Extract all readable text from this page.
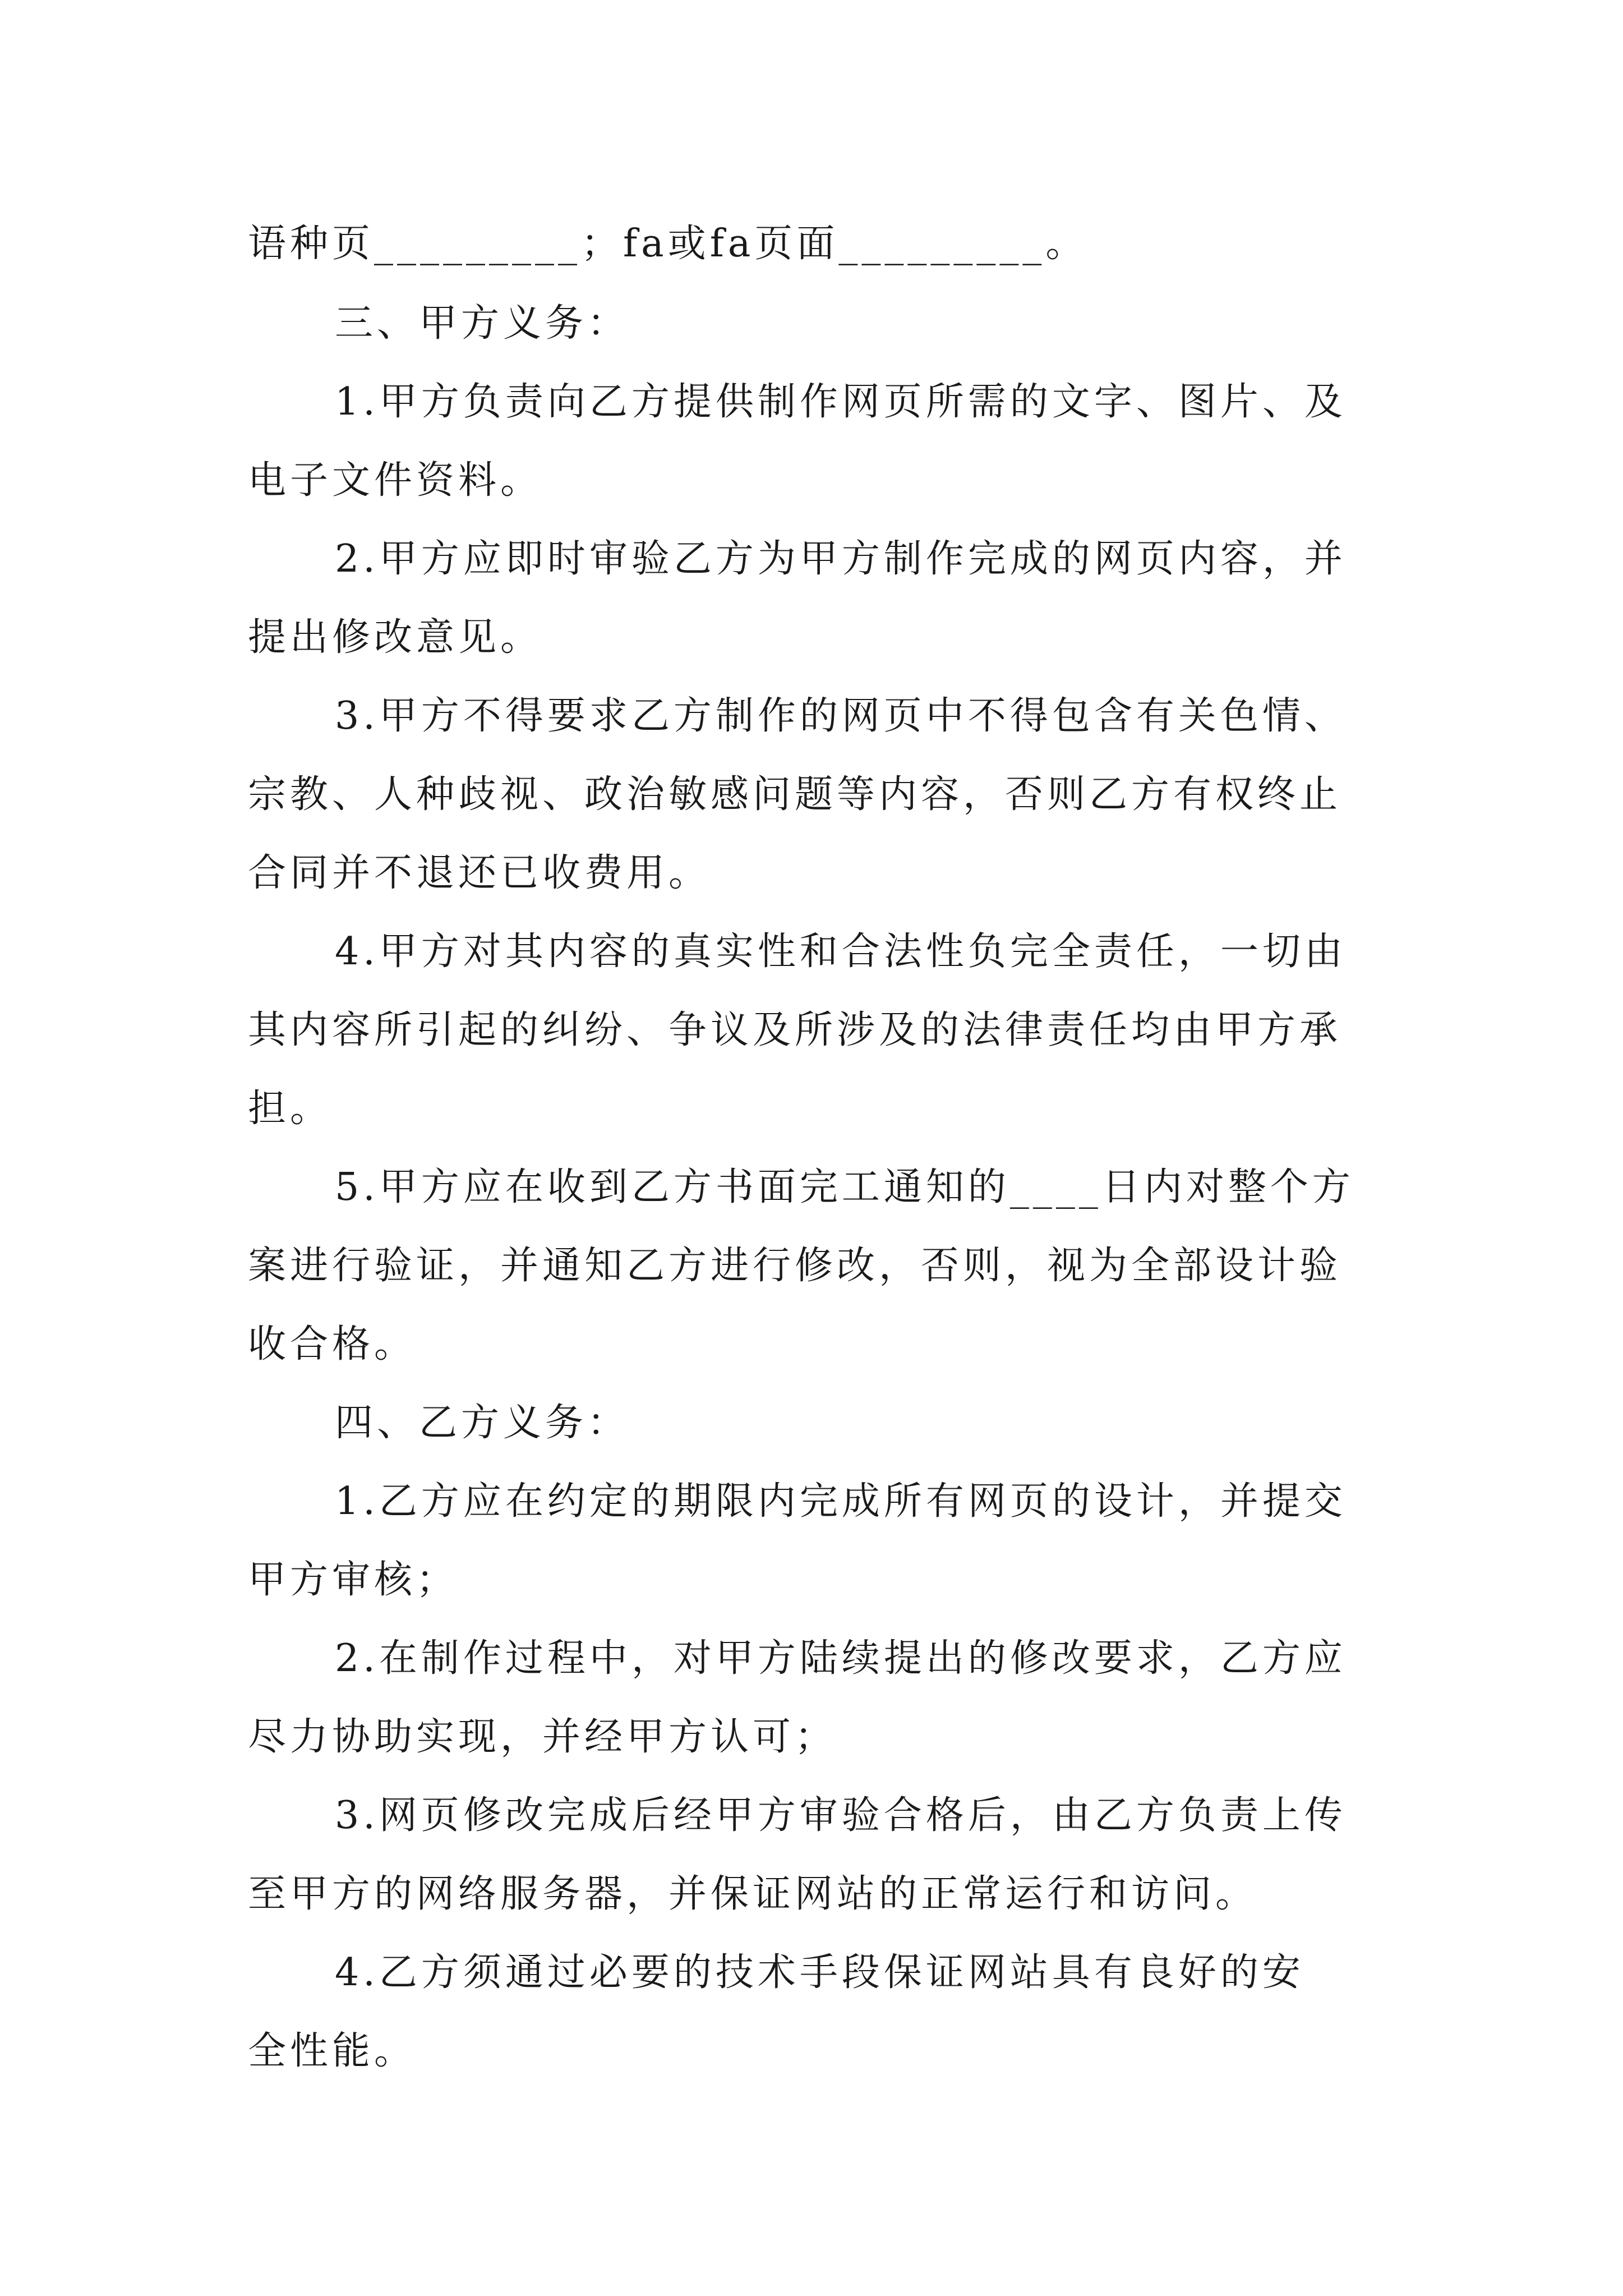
语种页_________；fa或fa页面_________。
三、甲方义务：
1.甲方负责向乙方提供制作网页所需的文字、图片、及
电子文件资料。
2.甲方应即时审验乙方为甲方制作完成的网页内容，并
提出修改意见。
3.甲方不得要求乙方制作的网页中不得包含有关色情、
宗教、人种歧视、政治敏感问题等内容，否则乙方有权终止
合同并不退还已收费用。
4.甲方对其内容的真实性和合法性负完全责任，一切由
其内容所引起的纠纷、争议及所涉及的法律责任均由甲方承
担。
5.甲方应在收到乙方书面完工通知的____日内对整个方
案进行验证，并通知乙方进行修改，否则，视为全部设计验
收合格。
四、乙方义务：
1.乙方应在约定的期限内完成所有网页的设计，并提交
甲方审核；
2.在制作过程中，对甲方陆续提出的修改要求，乙方应
尽力协助实现，并经甲方认可；
3.网页修改完成后经甲方审验合格后，由乙方负责上传
至甲方的网络服务器，并保证网站的正常运行和访问。
4.乙方须通过必要的技术手段保证网站具有良好的安
全性能。
